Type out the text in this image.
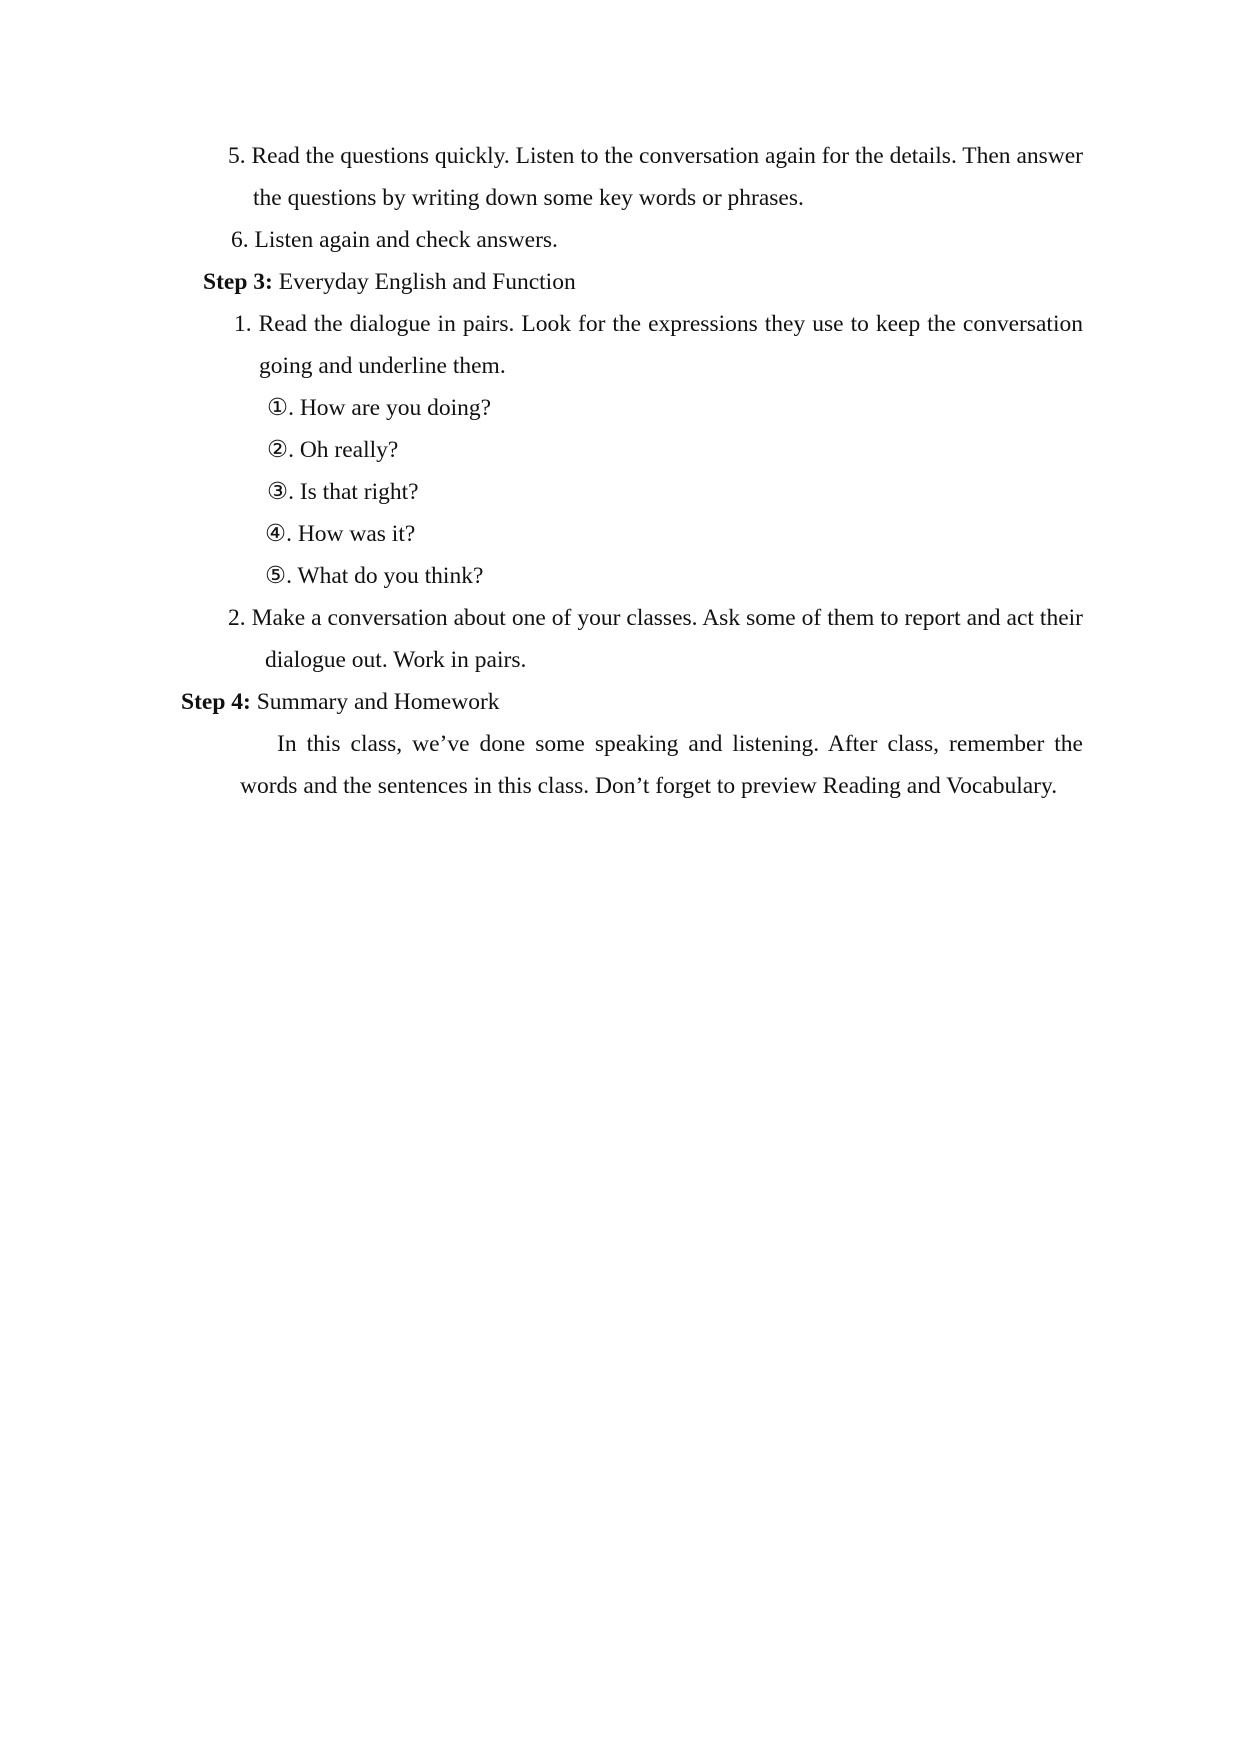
5. Read the questions quickly. Listen to the conversation again for the details. Then answer the questions by writing down some key words or phrases.

6. Listen again and check answers.

Step 3: Everyday English and Function

1. Read the dialogue in pairs. Look for the expressions they use to keep the conversation going and underline them.

①. How are you doing?

②. Oh really?

③. Is that right?

④. How was it?

⑤. What do you think?

2. Make a conversation about one of your classes. Ask some of them to report and act their dialogue out. Work in pairs.

Step 4: Summary and Homework

In this class, we’ve done some speaking and listening. After class, remember the words and the sentences in this class. Don’t forget to preview Reading and Vocabulary.
